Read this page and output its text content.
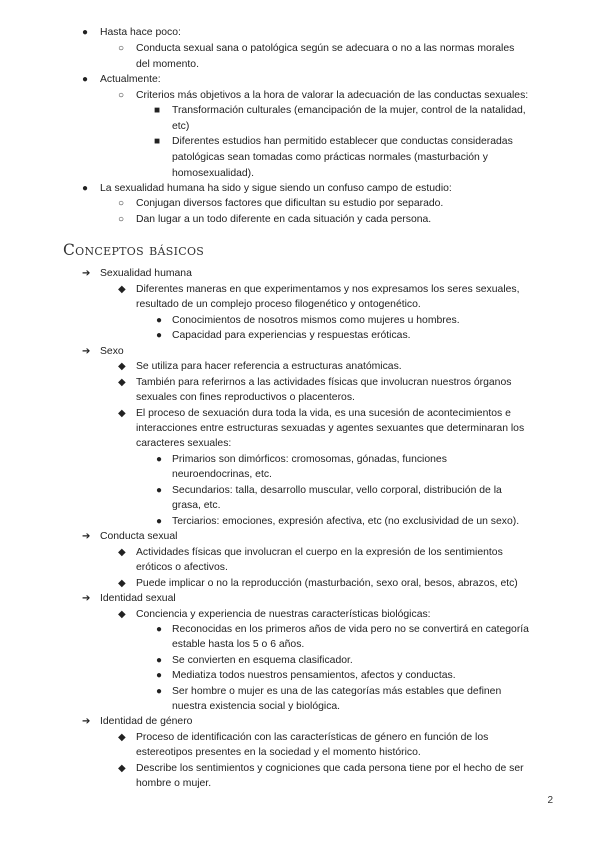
● Hasta hace poco:
○ Conducta sexual sana o patológica según se adecuara o no a las normas morales
del momento.
● Actualmente:
○ Criterios más objetivos a la hora de valorar la adecuación de las conductas sexuales:
■ Transformación culturales (emancipación de la mujer, control de la natalidad,
etc)
■ Diferentes estudios han permitido establecer que conductas consideradas
patológicas sean tomadas como prácticas normales (masturbación y
homosexualidad).
● La sexualidad humana ha sido y sigue siendo un confuso campo de estudio:
○ Conjugan diversos factores que dificultan su estudio por separado.
○ Dan lugar a un todo diferente en cada situación y cada persona.
Conceptos básicos
➔ Sexualidad humana
◆ Diferentes maneras en que experimentamos y nos expresamos los seres sexuales,
resultado de un complejo proceso filogenético y ontogenético.
● Conocimientos de nosotros mismos como mujeres u hombres.
● Capacidad para experiencias y respuestas eróticas.
➔ Sexo
◆ Se utiliza para hacer referencia a estructuras anatómicas.
◆ También para referirnos a las actividades físicas que involucran nuestros órganos
sexuales con fines reproductivos o placenteros.
◆ El proceso de sexuación dura toda la vida, es una sucesión de acontecimientos e
interacciones entre estructuras sexuadas y agentes sexuantes que determinaran los
caracteres sexuales:
● Primarios son dimórficos: cromosomas, gónadas, funciones
neuroendocrinas, etc.
● Secundarios: talla, desarrollo muscular, vello corporal, distribución de la
grasa, etc.
● Terciarios: emociones, expresión afectiva, etc (no exclusividad de un sexo).
➔ Conducta sexual
◆ Actividades físicas que involucran el cuerpo en la expresión de los sentimientos
eróticos o afectivos.
◆ Puede implicar o no la reproducción (masturbación, sexo oral, besos, abrazos, etc)
➔ Identidad sexual
◆ Conciencia y experiencia de nuestras características biológicas:
● Reconocidas en los primeros años de vida pero no se convertirá en categoría
estable hasta los 5 o 6 años.
● Se convierten en esquema clasificador.
● Mediatiza todos nuestros pensamientos, afectos y conductas.
● Ser hombre o mujer es una de las categorías más estables que definen
nuestra existencia social y biológica.
➔ Identidad de género
◆ Proceso de identificación con las características de género en función de los
estereotipos presentes en la sociedad y el momento histórico.
◆ Describe los sentimientos y cogniciones que cada persona tiene por el hecho de ser
hombre o mujer.
2
